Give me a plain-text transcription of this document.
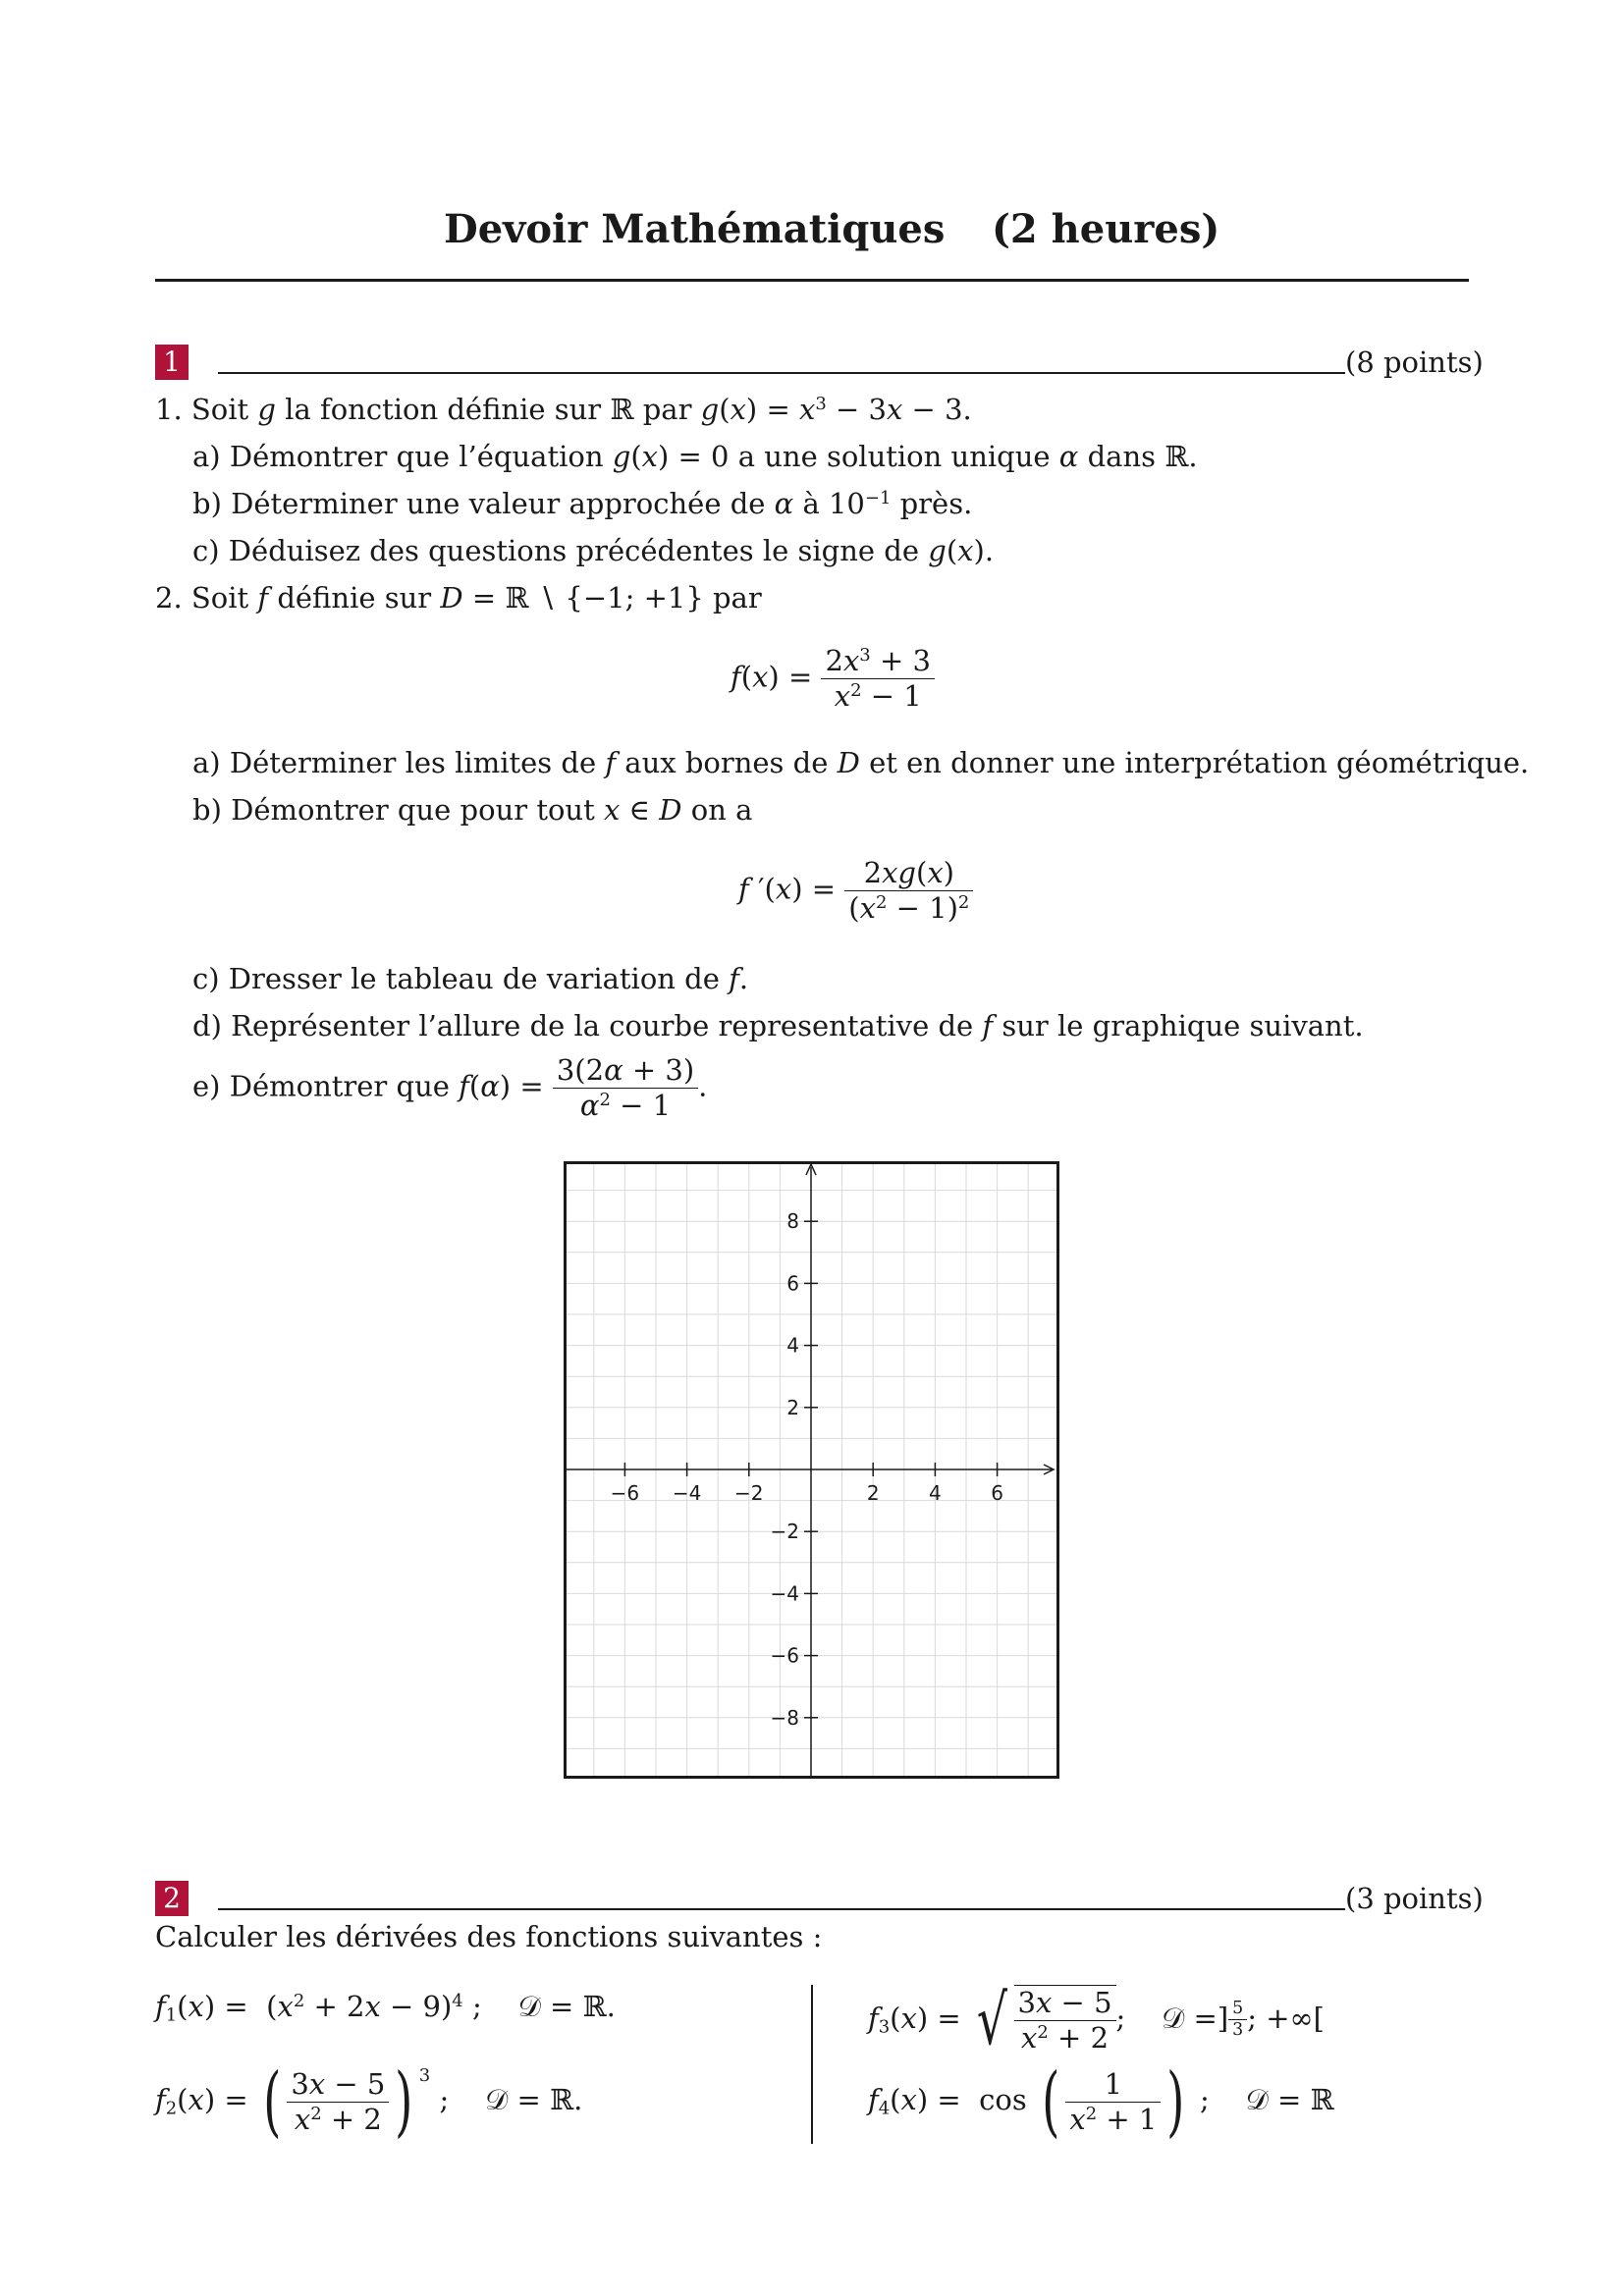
Devoir Mathématiques (2 heures)
1	(8 points)
1. Soit g la fonction définie sur ℝ par $g(x) = x^3 - 3x - 3$.
a) Démontrer que l’équation g(x) = 0 a une solution unique α dans ℝ.
b) Déterminer une valeur approchée de α à $10^{-1}$ près.
c) Déduisez des questions précédentes le signe de g(x).
2. Soit f définie sur D = ℝ ∖ {−1; +1} par
$f(x) = \frac{2x^3 + 3}{x^2 - 1}$
a) Déterminer les limites de f aux bornes de D et en donner une interprétation géométrique.
b) Démontrer que pour tout x ∈ D on a
f $'(x) = \frac{2xg(x)}{(x^2 - 1)^2}$
c) Dresser le tableau de variation de f.
d) Représenter l’allure de la courbe representative de f sur le graphique suivant.
e) Démontrer que $f(\alpha) = \frac{3(2\alpha + 3)}{\alpha^2 - 1}$ .
−6 −4 −2	2	4	6
8
6
4
2
−2
−4
−6
−8
2	(3 points)
Calculer les dérivées des fonctions suivantes :
$f_1(x) = (x^2 + 2x - 9)^4$ ;    𝒟 = ℝ.
$f_2(x)$ = ( $\frac{3x - 5}{x^2 + 2}$ ) $^3$ ;    𝒟 = ℝ.
$f_3(x)$ = √ $\frac{3x - 5}{x^2 + 2}$ ;    𝒟 =] $\frac{5}{3}$ ; +∞[
$f_4(x) = \cos$ ( $\frac{1}{x^2 + 1}$ ) ;    𝒟 = ℝ
